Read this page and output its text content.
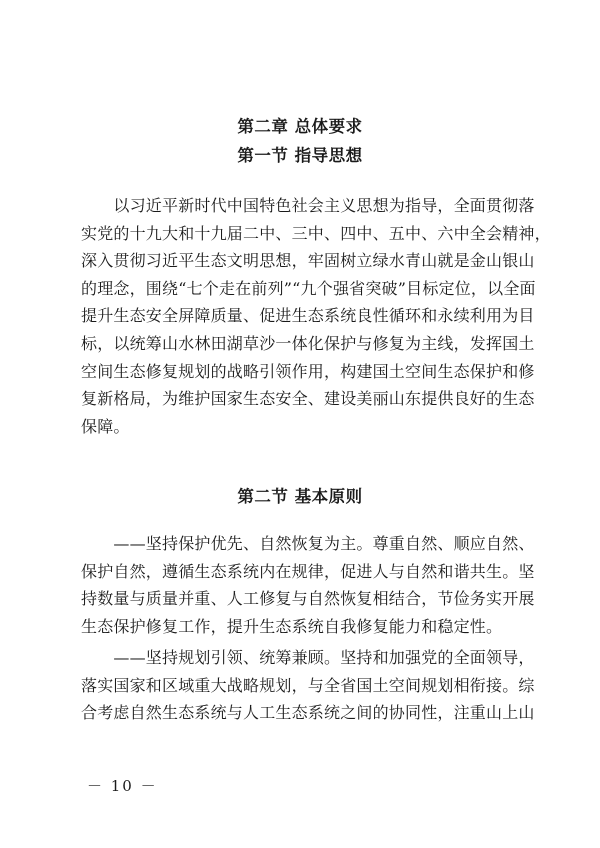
第二章 总体要求
第一节 指导思想

　　以习近平新时代中国特色社会主义思想为指导，全面贯彻落
实党的十九大和十九届二中、三中、四中、五中、六中全会精神，
深入贯彻习近平生态文明思想，牢固树立绿水青山就是金山银山
的理念，围绕“七个走在前列”“九个强省突破”目标定位，以全面
提升生态安全屏障质量、促进生态系统良性循环和永续利用为目
标，以统筹山水林田湖草沙一体化保护与修复为主线，发挥国土
空间生态修复规划的战略引领作用，构建国土空间生态保护和修
复新格局，为维护国家生态安全、建设美丽山东提供良好的生态
保障。

第二节 基本原则

　　——坚持保护优先、自然恢复为主。尊重自然、顺应自然、
保护自然，遵循生态系统内在规律，促进人与自然和谐共生。坚
持数量与质量并重、人工修复与自然恢复相结合，节俭务实开展
生态保护修复工作，提升生态系统自我修复能力和稳定性。

　　——坚持规划引领、统筹兼顾。坚持和加强党的全面领导，
落实国家和区域重大战略规划，与全省国土空间规划相衔接。综
合考虑自然生态系统与人工生态系统之间的协同性，注重山上山

－ 10 －
